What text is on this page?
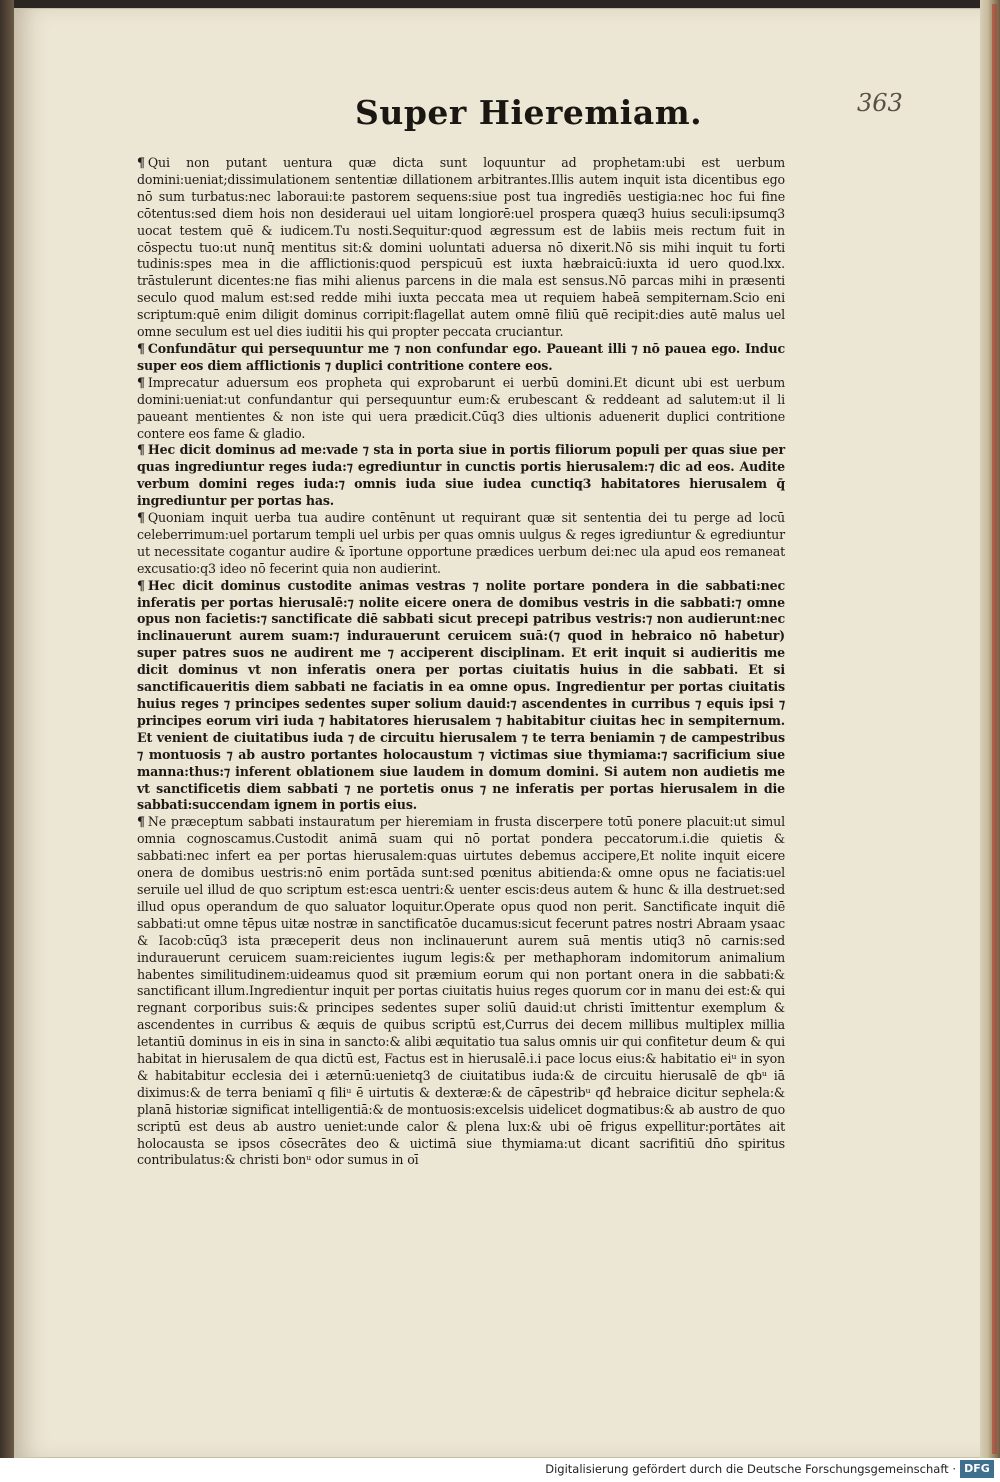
Super Hieremiam.	363

¶ Qui non putant uentura quæ dicta sunt loquuntur ad prophetam:ubi est uerbum domini:ueniat;dissimulationem sententiæ dillationem arbitrantes.Illis autem inquit ista dicentibus ego nō sum turbatus:nec laboraui:te pastorem sequens:siue post tua ingrediēs uestigia:nec hoc fui fine cōtentus:sed diem hois non desideraui uel uitam longiorē:uel prospera quæq3 huius seculi:ipsumq3 uocat testem quē & iudicem.Tu nosti.Sequitur:quod ægressum est de labiis meis rectum fuit in cōspectu tuo:ut nunq̄ mentitus sit:& domini uoluntati aduersa nō dixerit.Nō sis mihi inquit tu forti tudinis:spes mea in die afflictionis:quod perspicuū est iuxta hæbraicū:iuxta id uero quod.lxx. trāstulerunt dicentes:ne fias mihi alienus parcens in die mala est sensus.Nō parcas mihi in præsenti seculo quod malum est:sed redde mihi iuxta peccata mea ut requiem habeā sempiternam.Scio eni scriptum:quē enim diligit dominus corripit:flagellat autem omnē filiū quē recipit:dies autē malus uel omne seculum est uel dies iuditii his qui propter peccata cruciantur.

¶ Confundātur qui persequuntur me ⁊ non confundar ego. Paueant illi ⁊ nō pauea ego. Induc super eos diem afflictionis ⁊ duplici contritione contere eos.

¶ Imprecatur aduersum eos propheta qui exprobarunt ei uerbū domini.Et dicunt ubi est uerbum domini:ueniat:ut confundantur qui persequuntur eum:& erubescant & reddeant ad salutem:ut il li paueant mentientes & non iste qui uera prædicit.Cūq3 dies ultionis aduenerit duplici contritione contere eos fame & gladio.

¶ Hec dicit dominus ad me:vade ⁊ sta in porta siue in portis filiorum populi per quas siue per quas ingrediuntur reges iuda:⁊ egrediuntur in cunctis portis hierusalem:⁊ dic ad eos. Audite verbum domini reges iuda:⁊ omnis iuda siue iudea cunctiq3 habitatores hierusalem q̄ ingrediuntur per portas has.

¶ Quoniam inquit uerba tua audire contēnunt ut requirant quæ sit sententia dei tu perge ad locū celeberrimum:uel portarum templi uel urbis per quas omnis uulgus & reges igrediuntur & egrediuntur ut necessitate cogantur audire & īportune opportune prædices uerbum dei:nec ula apud eos remaneat excusatio:q3 ideo nō fecerint quia non audierint.

¶ Hec dicit dominus custodite animas vestras ⁊ nolite portare pondera in die sabbati:nec inferatis per portas hierusalē:⁊ nolite eicere onera de domibus vestris in die sabbati:⁊ omne opus non facietis:⁊ sanctificate diē sabbati sicut precepi patribus vestris:⁊ non audierunt:nec inclinauerunt aurem suam:⁊ indurauerunt ceruicem suā:(⁊ quod in hebraico nō habetur) super patres suos ne audirent me ⁊ acciperent disciplinam. Et erit inquit si audieritis me dicit dominus vt non inferatis onera per portas ciuitatis huius in die sabbati. Et si sanctificaueritis diem sabbati ne faciatis in ea omne opus. Ingredientur per portas ciuitatis huius reges ⁊ principes sedentes super solium dauid:⁊ ascendentes in curribus ⁊ equis ipsi ⁊ principes eorum viri iuda ⁊ habitatores hierusalem ⁊ habitabitur ciuitas hec in sempiternum. Et venient de ciuitatibus iuda ⁊ de circuitu hierusalem ⁊ te terra beniamin ⁊ de campestribus ⁊ montuosis ⁊ ab austro portantes holocaustum ⁊ victimas siue thymiama:⁊ sacrificium siue manna:thus:⁊ inferent oblationem siue laudem in domum domini. Si autem non audietis me vt sanctificetis diem sabbati ⁊ ne portetis onus ⁊ ne inferatis per portas hierusalem in die sabbati:succendam ignem in portis eius.

¶ Ne præceptum sabbati instauratum per hieremiam in frusta discerpere totū ponere placuit:ut simul omnia cognoscamus.Custodit animā suam qui nō portat pondera peccatorum.i.die quietis & sabbati:nec infert ea per portas hierusalem:quas uirtutes debemus accipere,Et nolite inquit eicere onera de domibus uestris:nō enim portāda sunt:sed pœnitus abitienda:& omne opus ne faciatis:uel seruile uel illud de quo scriptum est:esca uentri:& uenter escis:deus autem & hunc & illa destruet:sed illud opus operandum de quo saluator loquitur.Operate opus quod non perit. Sanctificate inquit diē sabbati:ut omne tēpus uitæ nostræ in sanctificatōe ducamus:sicut fecerunt patres nostri Abraam ysaac & Iacob:cūq3 ista præceperit deus non inclinauerunt aurem suā mentis utiq3 nō carnis:sed indurauerunt ceruicem suam:reicientes iugum legis:& per methaphoram indomitorum animalium habentes similitudinem:uideamus quod sit præmium eorum qui non portant onera in die sabbati:& sanctificant illum.Ingredientur inquit per portas ciuitatis huius reges quorum cor in manu dei est:& qui regnant corporibus suis:& principes sedentes super soliū dauid:ut christi īmittentur exemplum & ascendentes in curribus & æquis de quibus scriptū est,Currus dei decem millibus multiplex millia letantiū dominus in eis in sina in sancto:& alibi æquitatio tua salus omnis uir qui confitetur deum & qui habitat in hierusalem de qua dictū est, Factus est in hierusalē.i.i pace locus eius:& habitatio eiᵘ in syon & habitabitur ecclesia dei i æternū:uenietq3 de ciuitatibus iuda:& de circuitu hierusalē de qbᵘ iā diximus:& de terra beniamī q filiᵘ ē uirtutis & dexteræ:& de cāpestribᵘ qđ hebraice dicitur sephela:& planā historiæ significat intelligentiā:& de montuosis:excelsis uidelicet dogmatibus:& ab austro de quo scriptū est deus ab austro ueniet:unde calor & plena lux:& ubi oē frigus expellitur:portātes ait holocausta se ipsos cōsecrātes deo & uictimā siue thymiama:ut dicant sacrifitiū dn̄o spiritus contribulatus:& christi bonᵘ odor sumus in oī

Digitalisierung gefördert durch die Deutsche Forschungsgemeinschaft · DFG
